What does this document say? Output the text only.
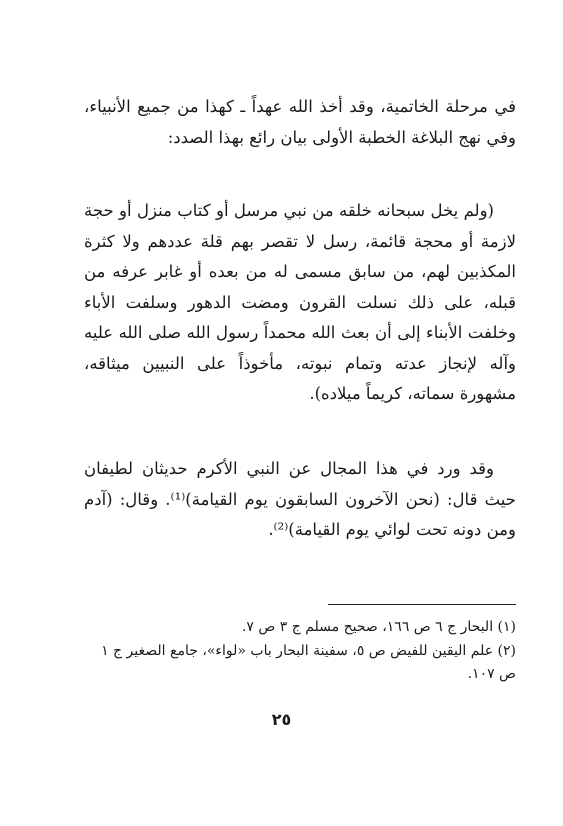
في مرحلة الخاتمية، وقد أخذ الله عهداً ـ كهذا من جميع الأنبياء، وفي نهج البلاغة الخطبة الأولى بيان رائع بهذا الصدد:

(ولم يخل سبحانه خلقه من نبي مرسل أو كتاب منزل أو حجة لازمة أو محجة قائمة، رسل لا تقصر بهم قلة عددهم ولا كثرة المكذبين لهم، من سابق مسمى له من بعده أو غابر عرفه من قبله، على ذلك نسلت القرون ومضت الدهور وسلفت الأباء وخلفت الأبناء إلى أن بعث الله محمداً رسول الله صلى الله عليه وآله لإنجاز عدته وتمام نبوته، مأخوذاً على النبيين ميثاقه، مشهورة سماته، كريماً ميلاده).

وقد ورد في هذا المجال عن النبي الأكرم حديثان لطيفان حيث قال: (نحن الآخرون السابقون يوم القيامة)⁽¹⁾. وقال: (آدم ومن دونه تحت لوائي يوم القيامة)⁽²⁾.

(١) البحار ج ٦ ص ١٦٦، صحيح مسلم ج ٣ ص ٧.

(٢) علم اليقين للفيض ص ٥، سفينة البحار باب «لواء»، جامع الصغير ج ١ ص ١٠٧.

٢٥
